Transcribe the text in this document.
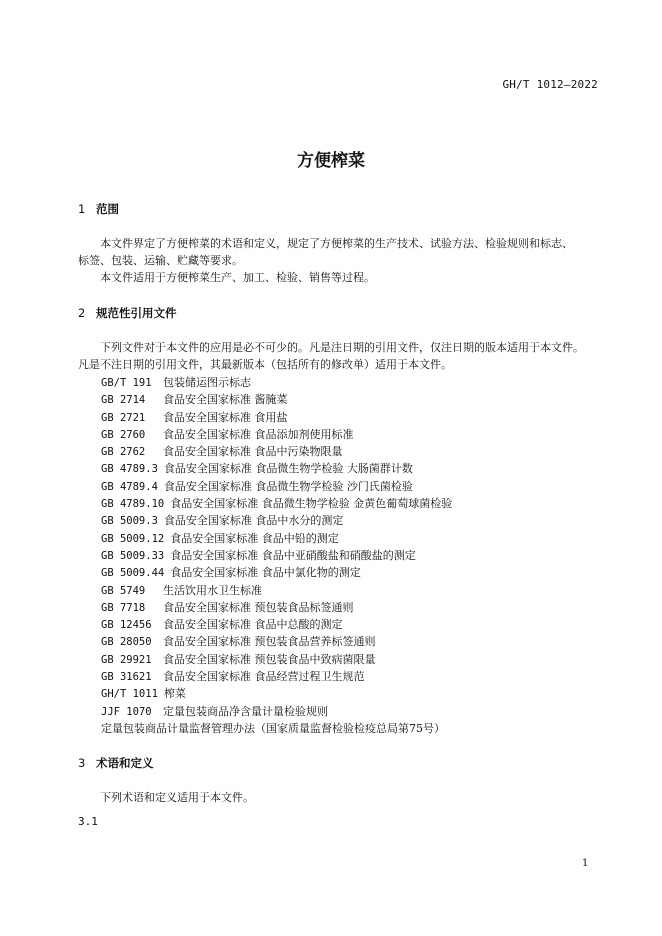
GH/T 1012—2022
方便榨菜
1 范围
本文件界定了方便榨菜的术语和定义，规定了方便榨菜的生产技术、试验方法、检验规则和标志、
标签、包装、运输、贮藏等要求。
本文件适用于方便榨菜生产、加工、检验、销售等过程。
2 规范性引用文件
下列文件对于本文件的应用是必不可少的。凡是注日期的引用文件，仅注日期的版本适用于本文件。
凡是不注日期的引用文件，其最新版本（包括所有的修改单）适用于本文件。
GB/T 191 包装储运图示标志
GB 2714 食品安全国家标准 酱腌菜
GB 2721 食品安全国家标准 食用盐
GB 2760 食品安全国家标准 食品添加剂使用标准
GB 2762 食品安全国家标准 食品中污染物限量
GB 4789.3 食品安全国家标准 食品微生物学检验 大肠菌群计数
GB 4789.4 食品安全国家标准 食品微生物学检验 沙门氏菌检验
GB 4789.10 食品安全国家标准 食品微生物学检验 金黄色葡萄球菌检验
GB 5009.3 食品安全国家标准 食品中水分的测定
GB 5009.12 食品安全国家标准 食品中铅的测定
GB 5009.33 食品安全国家标准 食品中亚硝酸盐和硝酸盐的测定
GB 5009.44 食品安全国家标准 食品中氯化物的测定
GB 5749 生活饮用水卫生标准
GB 7718 食品安全国家标准 预包装食品标签通则
GB 12456 食品安全国家标准 食品中总酸的测定
GB 28050 食品安全国家标准 预包装食品营养标签通则
GB 29921 食品安全国家标准 预包装食品中致病菌限量
GB 31621 食品安全国家标准 食品经营过程卫生规范
GH/T 1011 榨菜
JJF 1070 定量包装商品净含量计量检验规则
定量包装商品计量监督管理办法（国家质量监督检验检疫总局第75号）
3 术语和定义
下列术语和定义适用于本文件。
3.1
1
